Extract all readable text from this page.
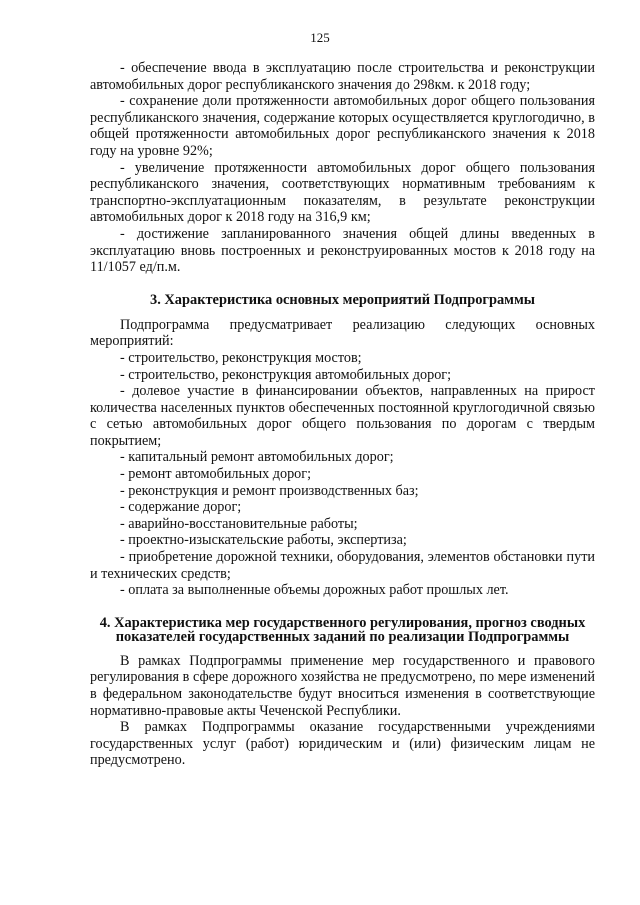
125
- обеспечение ввода в эксплуатацию после строительства и реконструкции автомобильных дорог республиканского значения до 298км. к 2018 году;
- сохранение доли протяженности автомобильных дорог общего пользования республиканского значения, содержание которых осуществляется круглогодично, в общей протяженности автомобильных дорог республиканского значения к 2018 году на уровне 92%;
- увеличение протяженности автомобильных дорог общего пользования республиканского значения, соответствующих нормативным требованиям к транспортно-эксплуатационным показателям, в результате реконструкции автомобильных дорог к 2018 году на 316,9 км;
- достижение запланированного значения общей длины введенных в эксплуатацию вновь построенных и реконструированных мостов к 2018 году на 11/1057 ед/п.м.
3. Характеристика основных мероприятий Подпрограммы

Подпрограмма предусматривает реализацию следующих основных мероприятий:

- строительство, реконструкция мостов;
- строительство, реконструкция автомобильных дорог;
- долевое участие в финансировании объектов, направленных на прирост количества населенных пунктов обеспеченных постоянной круглогодичной связью с сетью автомобильных дорог общего пользования по дорогам с твердым покрытием;
- капитальный ремонт автомобильных дорог;
- ремонт автомобильных дорог;
- реконструкция и ремонт производственных баз;
- содержание дорог;
- аварийно-восстановительные работы;
- проектно-изыскательские работы, экспертиза;
- приобретение дорожной техники, оборудования, элементов обстановки пути и технических средств;
- оплата за выполненные объемы дорожных работ прошлых лет.
4. Характеристика мер государственного регулирования, прогноз сводных показателей государственных заданий по реализации Подпрограммы

В рамках Подпрограммы применение мер государственного и правового регулирования в сфере дорожного хозяйства не предусмотрено, по мере изменений в федеральном законодательстве будут вноситься изменения в соответствующие нормативно-правовые акты Чеченской Республики.

В рамках Подпрограммы оказание государственными учреждениями государственных услуг (работ) юридическим и (или) физическим лицам не предусмотрено.
